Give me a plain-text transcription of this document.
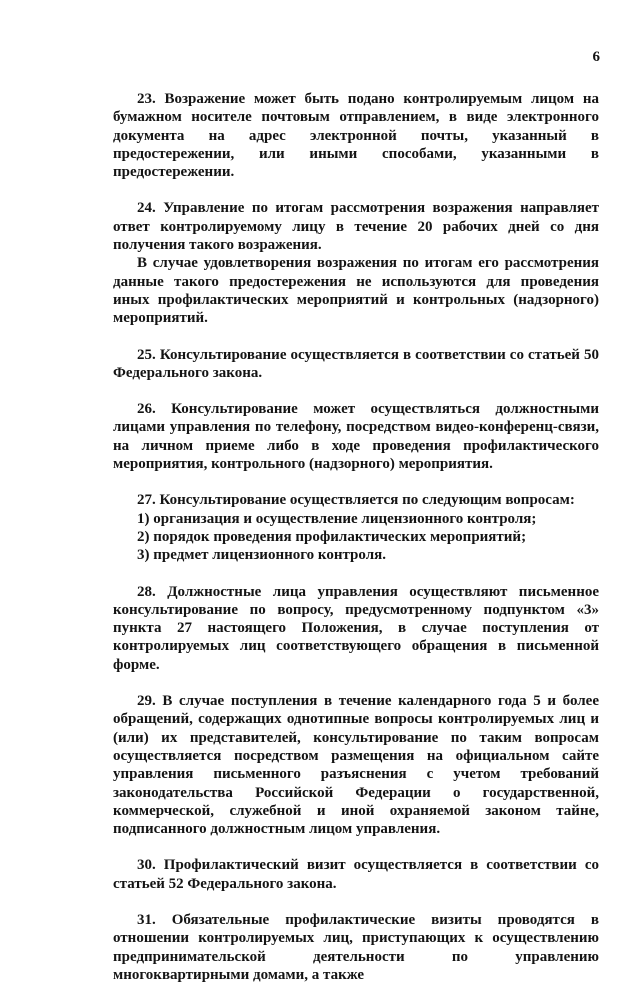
6

23. Возражение может быть подано контролируемым лицом на бумажном носителе почтовым отправлением, в виде электронного документа на адрес электронной почты, указанный в предостережении, или иными способами, указанными в предостережении.

24. Управление по итогам рассмотрения возражения направляет ответ контролируемому лицу в течение 20 рабочих дней со дня получения такого возражения.

В случае удовлетворения возражения по итогам его рассмотрения данные такого предостережения не используются для проведения иных профилактических мероприятий и контрольных (надзорного) мероприятий.

25. Консультирование осуществляется в соответствии со статьей 50 Федерального закона.

26. Консультирование может осуществляться должностными лицами управления по телефону, посредством видео-конференц-связи, на личном приеме либо в ходе проведения профилактического мероприятия, контрольного (надзорного) мероприятия.

27. Консультирование осуществляется по следующим вопросам:

1) организация и осуществление лицензионного контроля;

2) порядок проведения профилактических мероприятий;

3) предмет лицензионного контроля.

28. Должностные лица управления осуществляют письменное консультирование по вопросу, предусмотренному подпунктом «3» пункта 27 настоящего Положения, в случае поступления от контролируемых лиц соответствующего обращения в письменной форме.

29. В случае поступления в течение календарного года 5 и более обращений, содержащих однотипные вопросы контролируемых лиц и (или) их представителей, консультирование по таким вопросам осуществляется посредством размещения на официальном сайте управления письменного разъяснения с учетом требований законодательства Российской Федерации о государственной, коммерческой, служебной и иной охраняемой законом тайне, подписанного должностным лицом управления.

30. Профилактический визит осуществляется в соответствии со статьей 52 Федерального закона.

31. Обязательные профилактические визиты проводятся в отношении контролируемых лиц, приступающих к осуществлению предпринимательской деятельности по управлению многоквартирными домами, а также
